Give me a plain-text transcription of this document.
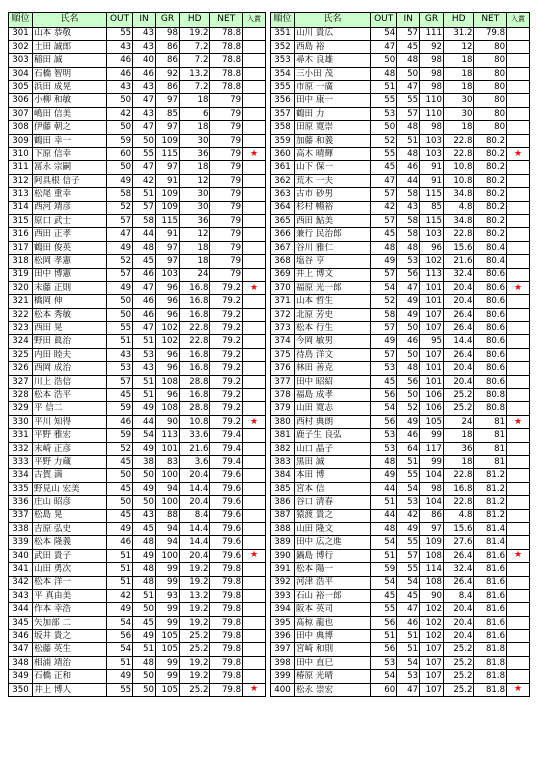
順位	氏名	OUT	IN	GR	HD	NET	入賞
301	山本 恭敬	55	43	98	19.2	78.8	
302	土田 誠郎	43	43	86	7.2	78.8	
303	稲田 誠	46	40	86	7.2	78.8	
304	石橋 智明	46	46	92	13.2	78.8	
305	浜田 成晃	43	43	86	7.2	78.8	
306	小柳 和敏	50	47	97	18	79	
307	嶋田 信美	42	43	85	6	79	
308	伊藤 朝之	50	47	97	18	79	
309	鶴田 幸一	59	50	109	30	79	
310	下原 信幸	60	55	115	36	79	★
311	冨永 宗嗣	50	47	97	18	79	
312	阿具根 信子	49	42	91	12	79	
313	松尾 重幸	58	51	109	30	79	
314	西河 靖彦	52	57	109	30	79	
315	原口 武士	57	58	115	36	79	
316	西田 正孝	47	44	91	12	79	
317	鶴田 俊英	49	48	97	18	79	
318	松岡 孝憲	52	45	97	18	79	
319	田中 博憲	57	46	103	24	79	
320	末藤 正則	49	47	96	16.8	79.2	★
321	橋岡 伸	50	46	96	16.8	79.2	
322	松本 秀敏	50	46	96	16.8	79.2	
323	西田 晃	55	47	102	22.8	79.2	
324	野田 眞治	51	51	102	22.8	79.2	
325	内田 睦夫	43	53	96	16.8	79.2	
326	西岡 成治	53	43	96	16.8	79.2	
327	川上 浩信	57	51	108	28.8	79.2	
328	松本 浩平	45	51	96	16.8	79.2	
329	平 信二	59	49	108	28.8	79.2	
330	平川 知得	46	44	90	10.8	79.2	★
331	平野 雅宏	59	54	113	33.6	79.4	
332	末崎 正彦	52	49	101	21.6	79.4	
333	平野 力蔵	45	38	83	3.6	79.4	
334	古賀 満	50	50	100	20.4	79.6	
335	野見山 宏美	45	49	94	14.4	79.6	
336	庄山 昭彦	50	50	100	20.4	79.6	
337	松島 晃	45	43	88	8.4	79.6	
338	吉原 弘史	49	45	94	14.4	79.6	
339	松本 隆義	46	48	94	14.4	79.6	
340	武田 貴子	51	49	100	20.4	79.6	★
341	山田 勇次	51	48	99	19.2	79.8	
342	松本 洋一	51	48	99	19.2	79.8	
343	平 真由美	42	51	93	13.2	79.8	
344	作本 幸浩	49	50	99	19.2	79.8	
345	矢加部 二	54	45	99	19.2	79.8	
346	坂井 貴之	56	49	105	25.2	79.8	
347	松藤 英生	54	51	105	25.2	79.8	
348	相浦 靖治	51	48	99	19.2	79.8	
349	石橋 正和	49	50	99	19.2	79.8	
350	井上 博人	55	50	105	25.2	79.8	★
順位	氏名	OUT	IN	GR	HD	NET	入賞
351	山川 貴広	54	57	111	31.2	79.8	
352	西島 裕	47	45	92	12	80	
353	尋木 良雄	50	48	98	18	80	
354	三小田 茂	48	50	98	18	80	
355	市原 一廣	51	47	98	18	80	
356	田中 康一	55	55	110	30	80	
357	鶴田 力	53	57	110	30	80	
358	田原 寛崇	50	48	98	18	80	
359	加藤 和義	52	51	103	22.8	80.2	
360	高木 晴輝	55	48	103	22.8	80.2	★
361	山下 保一	45	46	91	10.8	80.2	
362	荒木 一夫	47	44	91	10.8	80.2	
363	古市 砂男	57	58	115	34.8	80.2	
364	杉村 暢裕	42	43	85	4.8	80.2	
365	西田 鮎美	57	58	115	34.8	80.2	
366	兼行 民治郎	45	58	103	22.8	80.2	
367	谷川 雅仁	48	48	96	15.6	80.4	
368	塩谷 亨	49	53	102	21.6	80.4	
369	井上 博文	57	56	113	32.4	80.6	
370	福原 光一郎	54	47	101	20.4	80.6	★
371	山本 哲生	52	49	101	20.4	80.6	
372	北原 芳史	58	49	107	26.4	80.6	
373	松本 行生	57	50	107	26.4	80.6	
374	今岡 敏男	49	46	95	14.4	80.6	
375	待鳥 洋文	57	50	107	26.4	80.6	
376	林田 善克	53	48	101	20.4	80.6	
377	田中 昭紹	45	56	101	20.4	80.6	
378	福島 成孝	56	50	106	25.2	80.8	
379	山田 寛志	54	52	106	25.2	80.8	
380	西村 典朗	56	49	105	24	81	★
381	鹿子生 良弘	53	46	99	18	81	
382	山口 晶子	53	64	117	36	81	
383	黒田 誠	48	51	99	18	81	
384	本田 博	49	55	104	22.8	81.2	
385	宮本 信	44	54	98	16.8	81.2	
386	谷口 清春	51	53	104	22.8	81.2	
387	猿渡 貴之	44	42	86	4.8	81.2	
388	山田 隆文	48	49	97	15.6	81.4	
389	田中 広之進	54	55	109	27.6	81.4	
390	鍋島 博行	51	57	108	26.4	81.6	★
391	松本 陽一	59	55	114	32.4	81.6	
392	河津 浩平	54	54	108	26.4	81.6	
393	石山 裕一郎	45	45	90	8.4	81.6	
394	阪本 英司	55	47	102	20.4	81.6	
395	髙椋 龍也	56	46	102	20.4	81.6	
396	田中 典博	51	51	102	20.4	81.6	
397	宮崎 和則	56	51	107	25.2	81.8	
398	田中 直巳	53	54	107	25.2	81.8	
399	椿原 光晴	54	53	107	25.2	81.8	
400	松永 崇宏	60	47	107	25.2	81.8	★
